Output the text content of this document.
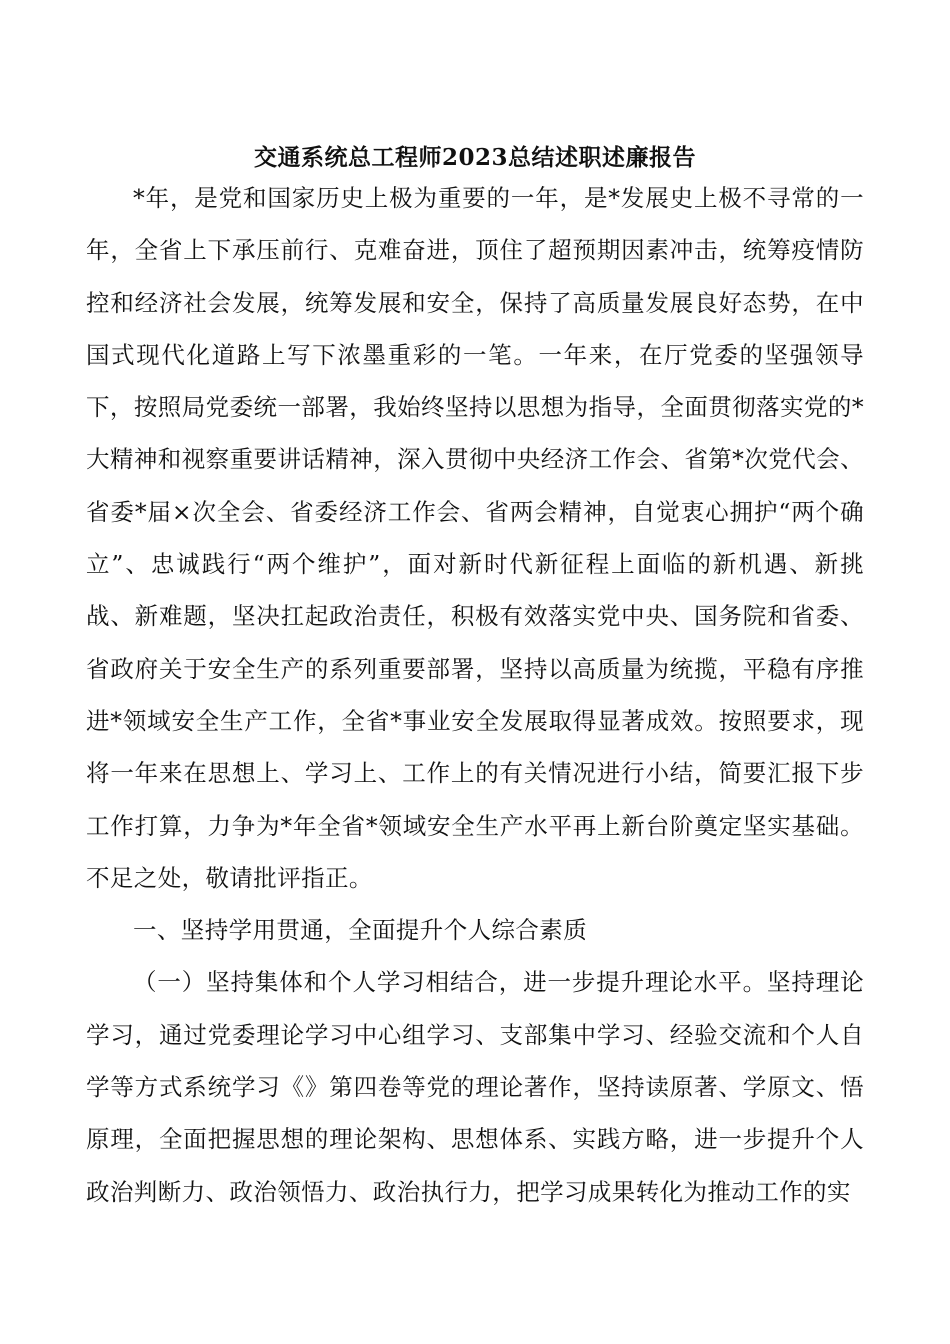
交通系统总工程师2023总结述职述廉报告

*年，是党和国家历史上极为重要的一年，是*发展史上极不寻常的一年，全省上下承压前行、克难奋进，顶住了超预期因素冲击，统筹疫情防控和经济社会发展，统筹发展和安全，保持了高质量发展良好态势，在中国式现代化道路上写下浓墨重彩的一笔。一年来，在厅党委的坚强领导下，按照局党委统一部署，我始终坚持以思想为指导，全面贯彻落实党的*大精神和视察重要讲话精神，深入贯彻中央经济工作会、省第*次党代会、省委*届×次全会、省委经济工作会、省两会精神，自觉衷心拥护“两个确立”、忠诚践行“两个维护”，面对新时代新征程上面临的新机遇、新挑战、新难题，坚决扛起政治责任，积极有效落实党中央、国务院和省委、省政府关于安全生产的系列重要部署，坚持以高质量为统揽，平稳有序推进*领域安全生产工作，全省*事业安全发展取得显著成效。按照要求，现将一年来在思想上、学习上、工作上的有关情况进行小结，简要汇报下步工作打算，力争为*年全省*领域安全生产水平再上新台阶奠定坚实基础。不足之处，敬请批评指正。

一、坚持学用贯通，全面提升个人综合素质

（一）坚持集体和个人学习相结合，进一步提升理论水平。坚持理论学习，通过党委理论学习中心组学习、支部集中学习、经验交流和个人自学等方式系统学习《》第四卷等党的理论著作，坚持读原著、学原文、悟原理，全面把握思想的理论架构、思想体系、实践方略，进一步提升个人政治判断力、政治领悟力、政治执行力，把学习成果转化为推动工作的实
